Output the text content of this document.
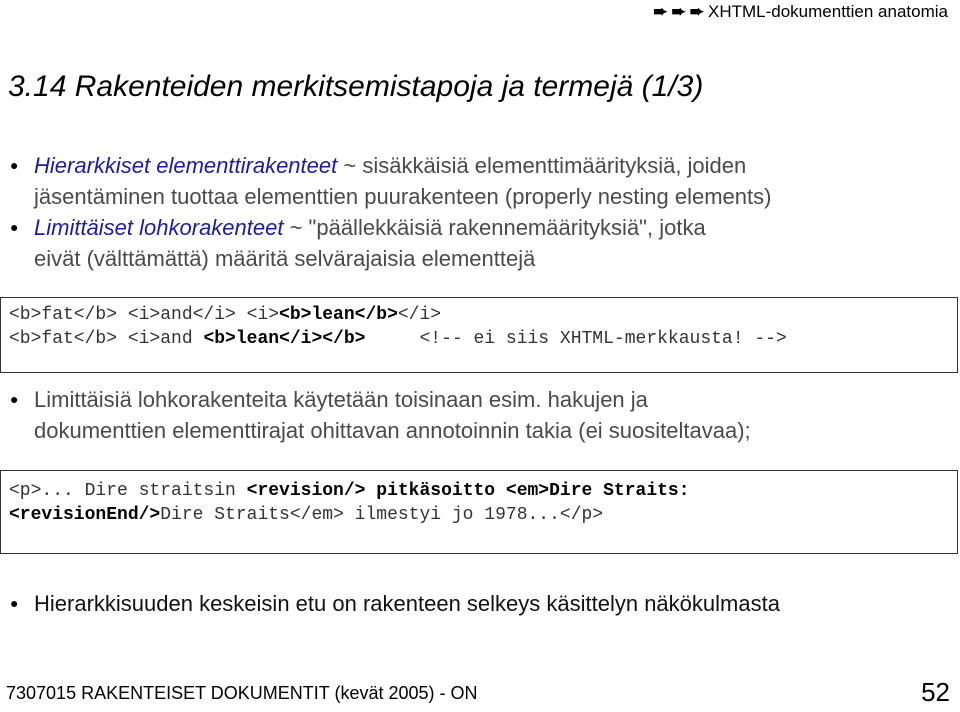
➨ ➨ ➨ XHTML-dokumenttien anatomia
3.14 Rakenteiden merkitsemistapoja ja termejä (1/3)
● Hierarkkiset elementtirakenteet ~ sisäkkäisiä elementtimäärityksiä, joiden
jäsentäminen tuottaa elementtien puurakenteen (properly nesting elements)
● Limittäiset lohkorakenteet ~ "päällekkäisiä rakennemäärityksiä", jotka
eivät (välttämättä) määritä selvärajaisia elementtejä
<b>fat</b> <i>and</i> <i><b>lean</b></i>
<b>fat</b> <i>and <b>lean</i></b>     <!-- ei siis XHTML-merkkausta! -->
● Limittäisiä lohkorakenteita käytetään toisinaan esim. hakujen ja
dokumenttien elementtirajat ohittavan annotoinnin takia (ei suositeltavaa);
<p>... Dire straitsin <revision/> pitkäsoitto <em>Dire Straits:
<revisionEnd/>Dire Straits</em> ilmestyi jo 1978...</p>
● Hierarkkisuuden keskeisin etu on rakenteen selkeys käsittelyn näkökulmasta
7307015 RAKENTEISET DOKUMENTIT (kevät 2005) - ON	52
